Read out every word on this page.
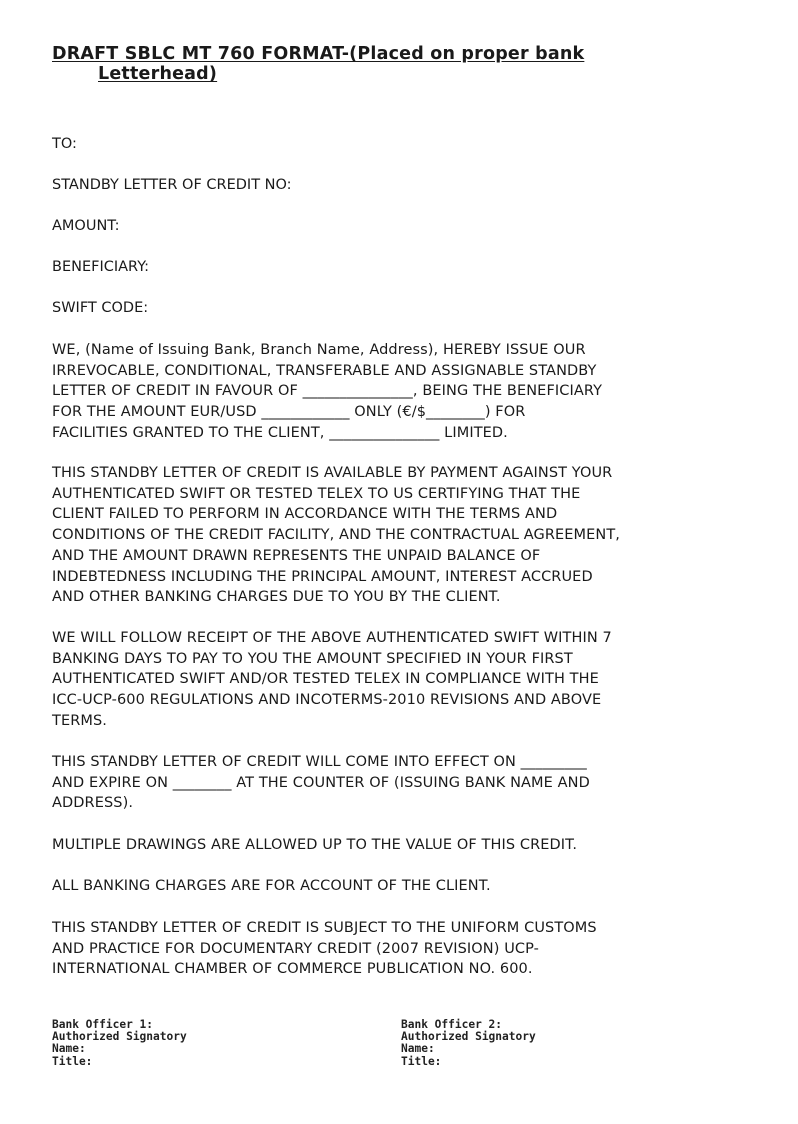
DRAFT SBLC MT 760 FORMAT-(Placed on proper bank
Letterhead)
TO:
STANDBY LETTER OF CREDIT NO:
AMOUNT:
BENEFICIARY:
SWIFT CODE:
WE, (Name of Issuing Bank, Branch Name, Address), HEREBY ISSUE OUR
IRREVOCABLE, CONDITIONAL, TRANSFERABLE AND ASSIGNABLE STANDBY
LETTER OF CREDIT IN FAVOUR OF _______________, BEING THE BENEFICIARY
FOR THE AMOUNT EUR/USD ____________ ONLY (€/$________) FOR
FACILITIES GRANTED TO THE CLIENT, _______________ LIMITED.
THIS STANDBY LETTER OF CREDIT IS AVAILABLE BY PAYMENT AGAINST YOUR
AUTHENTICATED SWIFT OR TESTED TELEX TO US CERTIFYING THAT THE
CLIENT FAILED TO PERFORM IN ACCORDANCE WITH THE TERMS AND
CONDITIONS OF THE CREDIT FACILITY, AND THE CONTRACTUAL AGREEMENT,
AND THE AMOUNT DRAWN REPRESENTS THE UNPAID BALANCE OF
INDEBTEDNESS INCLUDING THE PRINCIPAL AMOUNT, INTEREST ACCRUED
AND OTHER BANKING CHARGES DUE TO YOU BY THE CLIENT.
WE WILL FOLLOW RECEIPT OF THE ABOVE AUTHENTICATED SWIFT WITHIN 7
BANKING DAYS TO PAY TO YOU THE AMOUNT SPECIFIED IN YOUR FIRST
AUTHENTICATED SWIFT AND/OR TESTED TELEX IN COMPLIANCE WITH THE
ICC-UCP-600 REGULATIONS AND INCOTERMS-2010 REVISIONS AND ABOVE
TERMS.
THIS STANDBY LETTER OF CREDIT WILL COME INTO EFFECT ON _________
AND EXPIRE ON ________ AT THE COUNTER OF (ISSUING BANK NAME AND
ADDRESS).
MULTIPLE DRAWINGS ARE ALLOWED UP TO THE VALUE OF THIS CREDIT.
ALL BANKING CHARGES ARE FOR ACCOUNT OF THE CLIENT.
THIS STANDBY LETTER OF CREDIT IS SUBJECT TO THE UNIFORM CUSTOMS
AND PRACTICE FOR DOCUMENTARY CREDIT (2007 REVISION) UCP-
INTERNATIONAL CHAMBER OF COMMERCE PUBLICATION NO. 600.
Bank Officer 1:
Authorized Signatory
Name:
Title:
Bank Officer 2:
Authorized Signatory
Name:
Title:
